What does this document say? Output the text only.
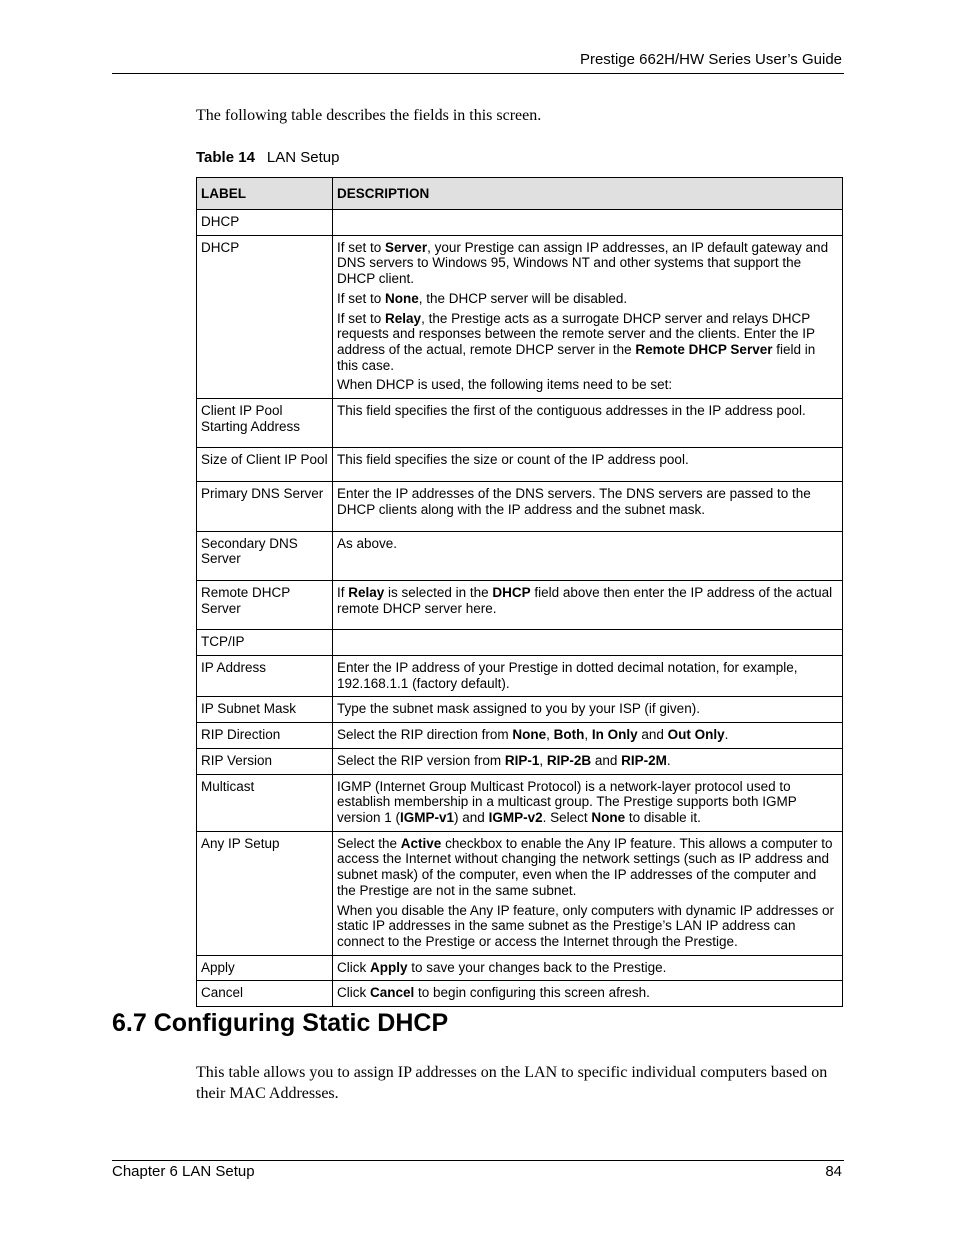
Prestige 662H/HW Series User’s Guide
The following table describes the fields in this screen.
Table 14 LAN Setup
LABEL	DESCRIPTION
DHCP	
DHCP	If set to Server, your Prestige can assign IP addresses, an IP default gateway and DNS servers to Windows 95, Windows NT and other systems that support the DHCP client.

If set to None, the DHCP server will be disabled.

If set to Relay, the Prestige acts as a surrogate DHCP server and relays DHCP requests and responses between the remote server and the clients. Enter the IP address of the actual, remote DHCP server in the Remote DHCP Server field in this case.

When DHCP is used, the following items need to be set:

Client IP Pool Starting Address	This field specifies the first of the contiguous addresses in the IP address pool.

Size of Client IP Pool	This field specifies the size or count of the IP address pool.

Primary DNS Server	Enter the IP addresses of the DNS servers. The DNS servers are passed to the DHCP clients along with the IP address and the subnet mask.

Secondary DNS Server	As above.

Remote DHCP Server	If Relay is selected in the DHCP field above then enter the IP address of the actual remote DHCP server here.

TCP/IP	
IP Address	Enter the IP address of your Prestige in dotted decimal notation, for example, 192.168.1.1 (factory default).

IP Subnet Mask	Type the subnet mask assigned to you by your ISP (if given).

RIP Direction	Select the RIP direction from None, Both, In Only and Out Only.

RIP Version	Select the RIP version from RIP-1, RIP-2B and RIP-2M.

Multicast	IGMP (Internet Group Multicast Protocol) is a network-layer protocol used to establish membership in a multicast group. The Prestige supports both IGMP version 1 (IGMP-v1) and IGMP-v2. Select None to disable it.

Any IP Setup	Select the Active checkbox to enable the Any IP feature. This allows a computer to access the Internet without changing the network settings (such as IP address and subnet mask) of the computer, even when the IP addresses of the computer and the Prestige are not in the same subnet.

When you disable the Any IP feature, only computers with dynamic IP addresses or static IP addresses in the same subnet as the Prestige’s LAN IP address can connect to the Prestige or access the Internet through the Prestige.

Apply	Click Apply to save your changes back to the Prestige.

Cancel	Click Cancel to begin configuring this screen afresh.

6.7 Configuring Static DHCP
This table allows you to assign IP addresses on the LAN to specific individual computers based on their MAC Addresses.
Chapter 6 LAN Setup	84
